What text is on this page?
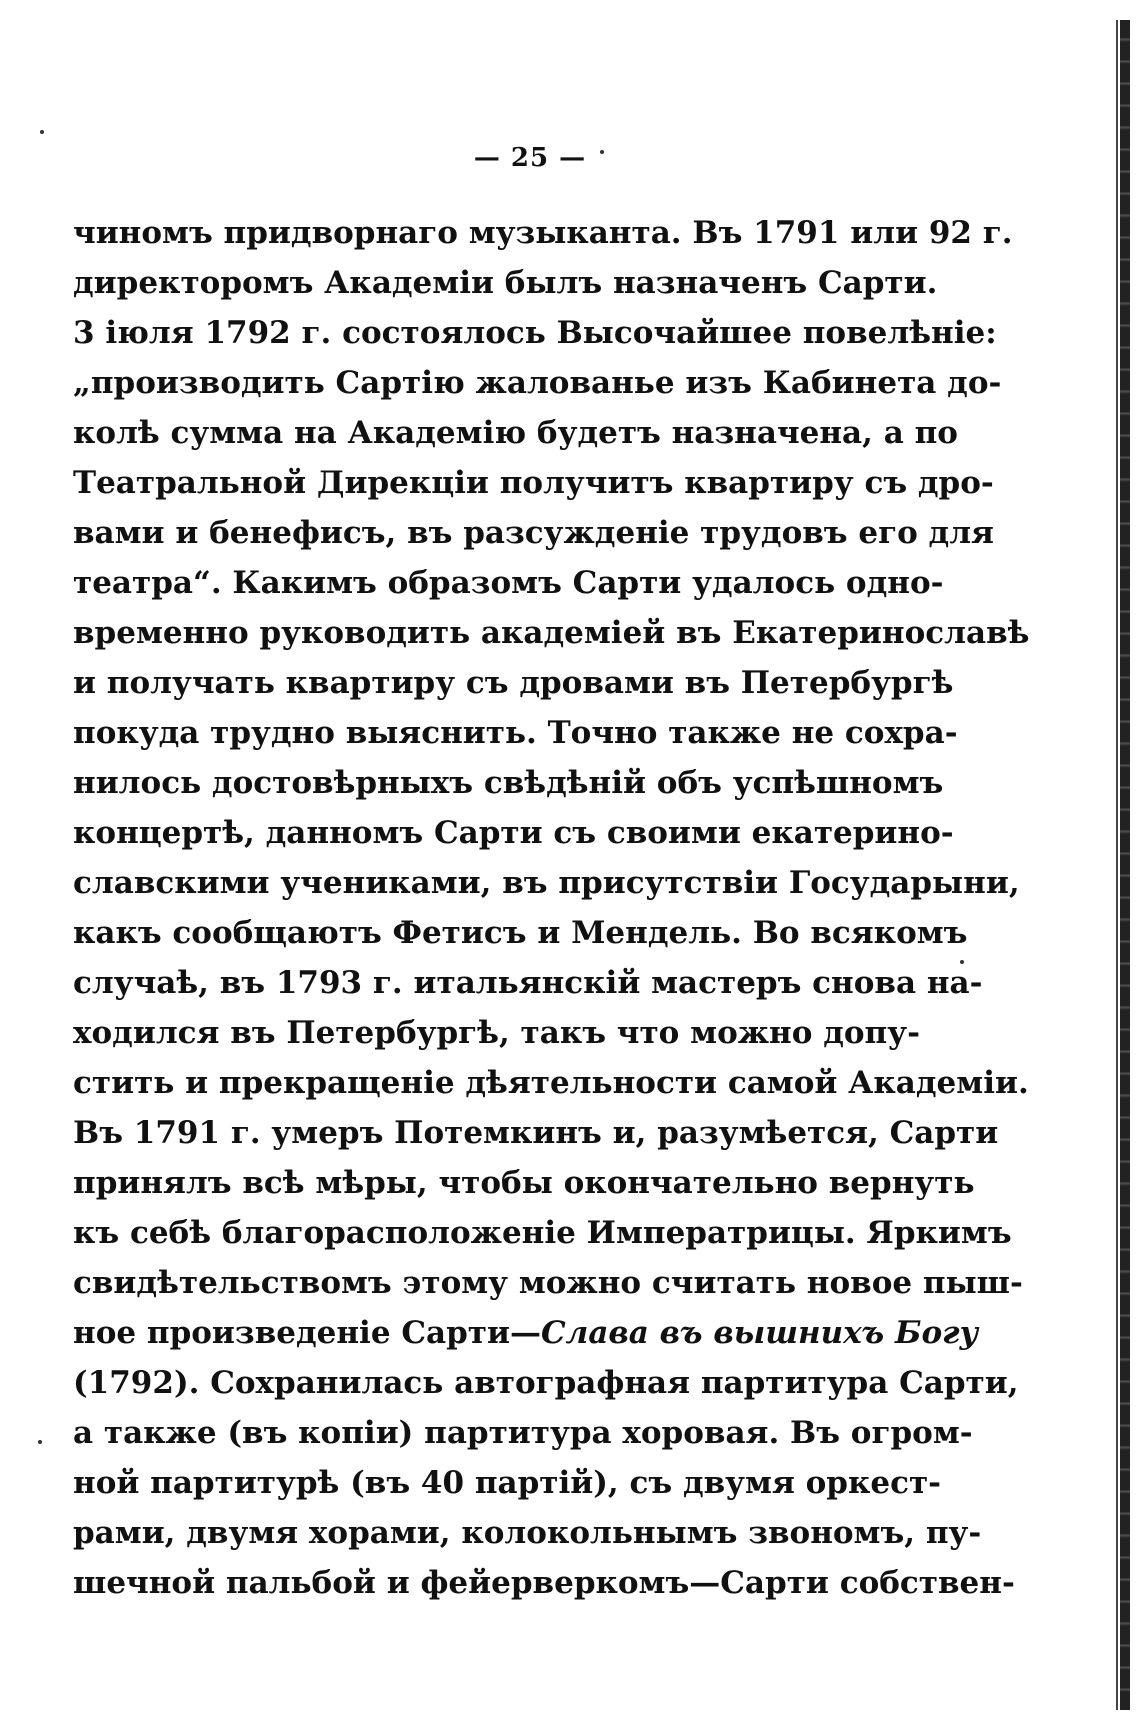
— 25 —
чиномъ придворнаго музыканта. Въ 1791 или 92 г.
директоромъ Академіи былъ назначенъ Сарти.
3 іюля 1792 г. состоялось Высочайшее повелѣніе:
„производить Сартію жалованье изъ Кабинета до-
колѣ сумма на Академію будетъ назначена, а по
Театральной Дирекціи получитъ квартиру съ дро-
вами и бенефисъ, въ разсужденіе трудовъ его для
театра“. Какимъ образомъ Сарти удалось одно-
временно руководить академіей въ Екатеринославѣ
и получать квартиру съ дровами въ Петербургѣ
покуда трудно выяснить. Точно также не сохра-
нилось достовѣрныхъ свѣдѣній объ успѣшномъ
концертѣ, данномъ Сарти съ своими екатерино-
славскими учениками, въ присутствіи Государыни,
какъ сообщаютъ Фетисъ и Мендель. Во всякомъ
случаѣ, въ 1793 г. итальянскій мастеръ снова на-
ходился въ Петербургѣ, такъ что можно допу-
стить и прекращеніе дѣятельности самой Академіи.
Въ 1791 г. умеръ Потемкинъ и, разумѣется, Сарти
принялъ всѣ мѣры, чтобы окончательно вернуть
къ себѣ благорасположеніе Императрицы. Яркимъ
свидѣтельствомъ этому можно считать новое пыш-
ное произведеніе Сарти—Слава въ вышнихъ Богу
(1792). Сохранилась автографная партитура Сарти,
а также (въ копіи) партитура хоровая. Въ огром-
ной партитурѣ (въ 40 партій), съ двумя оркест-
рами, двумя хорами, колокольнымъ звономъ, пу-
шечной пальбой и фейерверкомъ—Сарти собствен-
